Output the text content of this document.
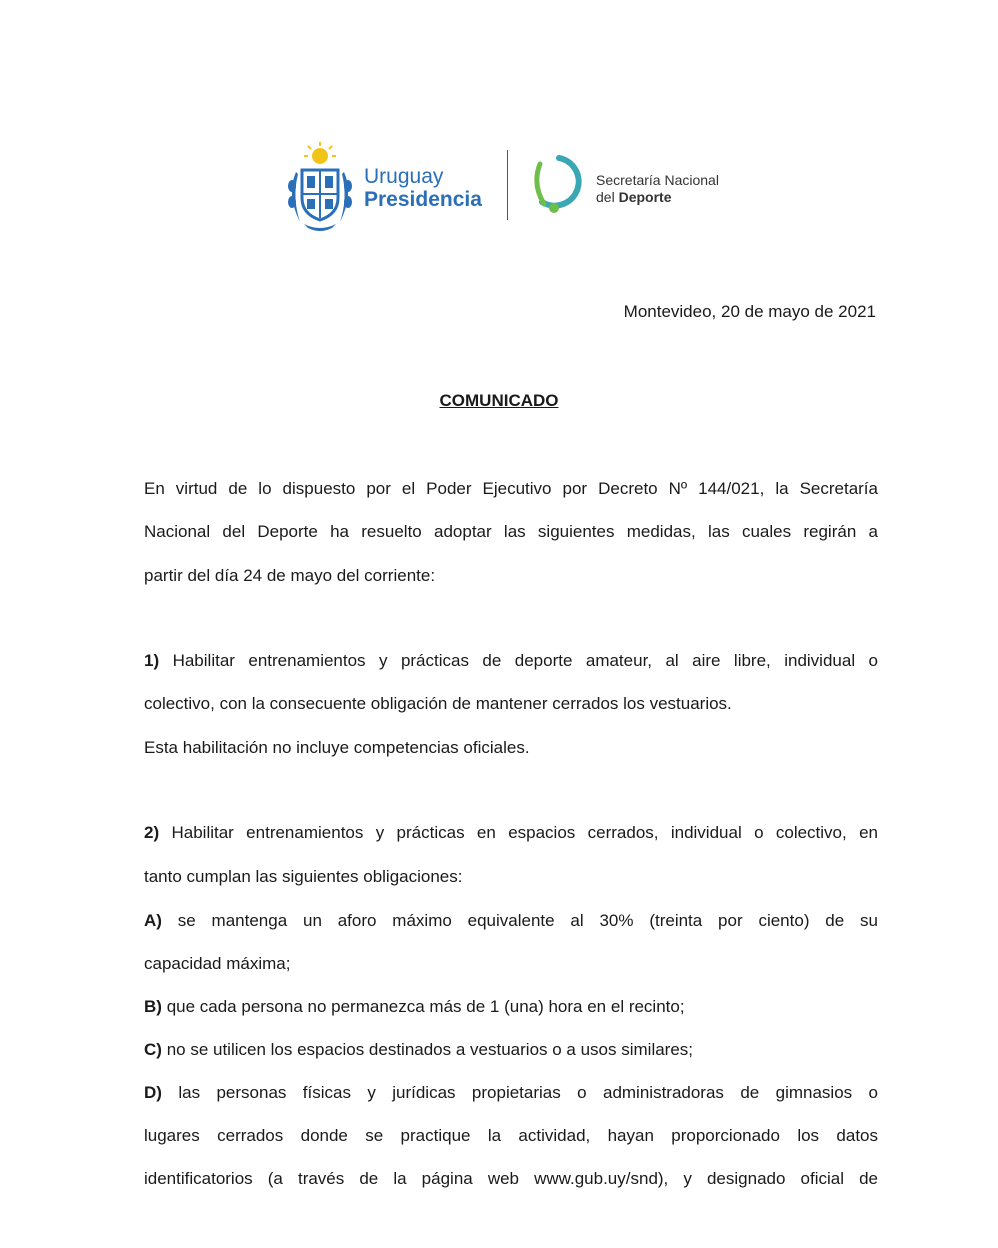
Uruguay
Presidencia
Secretaría Nacional
del Deporte
Montevideo, 20 de mayo de 2021
COMUNICADO
En virtud de lo dispuesto por el Poder Ejecutivo por Decreto Nº 144/021, la Secretaría
Nacional del Deporte ha resuelto adoptar las siguientes medidas, las cuales regirán a
partir del día 24 de mayo del corriente:
1) Habilitar entrenamientos y prácticas de deporte amateur, al aire libre, individual o
colectivo, con la consecuente obligación de mantener cerrados los vestuarios.
Esta habilitación no incluye competencias oficiales.
2) Habilitar entrenamientos y prácticas en espacios cerrados, individual o colectivo, en
tanto cumplan las siguientes obligaciones:
A) se mantenga un aforo máximo equivalente al 30% (treinta por ciento) de su
capacidad máxima;
B) que cada persona no permanezca más de 1 (una) hora en el recinto;
C) no se utilicen los espacios destinados a vestuarios o a usos similares;
D) las personas físicas y jurídicas propietarias o administradoras de gimnasios o
lugares cerrados donde se practique la actividad, hayan proporcionado los datos
identificatorios (a través de la página web www.gub.uy/snd), y designado oficial de
